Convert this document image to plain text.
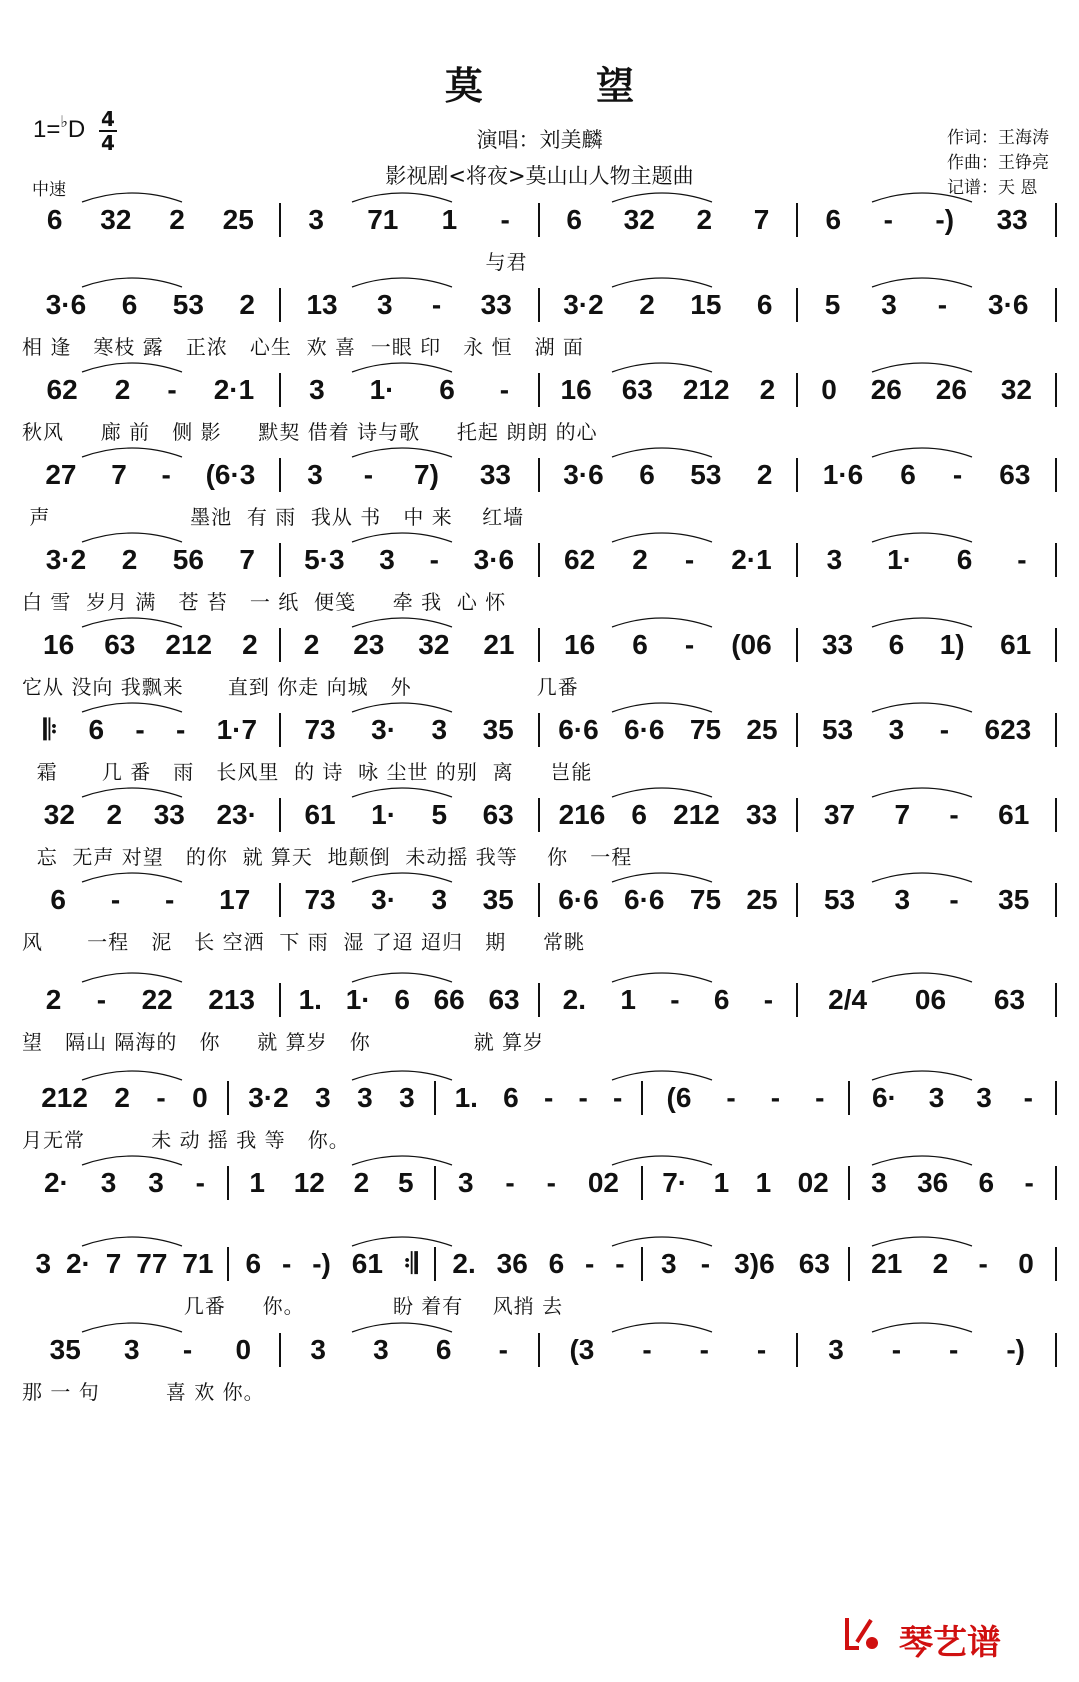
莫 望
1=♭D 4
4
中速
演唱：刘美麟
影视剧<将夜>莫山山人物主题曲
作词：王海涛
作曲：王铮亮
记谱：天 恩
6 32 2 25 3 71 1 - 6 32 2 7 6 - -) 33
与君
3·6 6 53 2 13 3 - 33 3·2 2 15 6 5 3 - 3·6
相 逢   寒枝 露   正浓   心生  欢 喜  一眼 印   永 恒   湖 面
62 2 - 2·1 3 1· 6 - 16 63 212 2 0 26 26 32
秋风     廊 前   侧 影     默契 借着 诗与歌     托起 朗朗 的心
27 7 - (6·3 3 - 7) 33 3·6 6 53 2 1·6 6 - 63
声                   墨池  有 雨  我从 书   中 来    红墙
3·2 2 56 7 5·3 3 - 3·6 62 2 - 2·1 3 1· 6 -
白 雪  岁月 满   苍 苔   一 纸  便笺     牵 我  心 怀
16 63 212 2 2 23 32 21 16 6 - (06 33 6 1) 61
它从 没向 我飘来      直到 你走 向城   外                 几番
𝄆 6 - - 1·7 73 3· 3 35 6·6 6·6 75 25 53 3 - 623
霜      几 番   雨   长风里  的 诗  咏 尘世 的别  离     岂能
32 2 33 23· 61 1· 5 63 216 6 212 33 37 7 - 61
忘  无声 对望   的你  就 算天  地颠倒  未动摇 我等    你   一程
6 - - 17 73 3· 3 35 6·6 6·6 75 25 53 3 - 35
风      一程   泥   长 空洒  下 雨  湿 了迢 迢归   期     常眺
2 - 22 213 1. 1· 6 66 63 2. 1 - 6 - 2/4 06 63
望   隔山 隔海的   你     就 算岁   你              就 算岁
212 2 - 0 3·2 3 3 3 1. 6 - - - (6 - - - 6· 3 3 -
月无常         未 动 摇 我 等   你。
2· 3 3 - 1 12 2 5 3 - - 02 7· 1 1 02 3 36 6 -
3 2· 7 77 71 6 - -) 61 𝄇 2. 36 6 - - 3 - 3)6 63 21 2 - 0
几番     你。            盼 着有    风捎 去
35 3 - 0 3 3 6 - (3 - - - 3 - - -)
那 一 句         喜 欢 你。
琴艺谱
